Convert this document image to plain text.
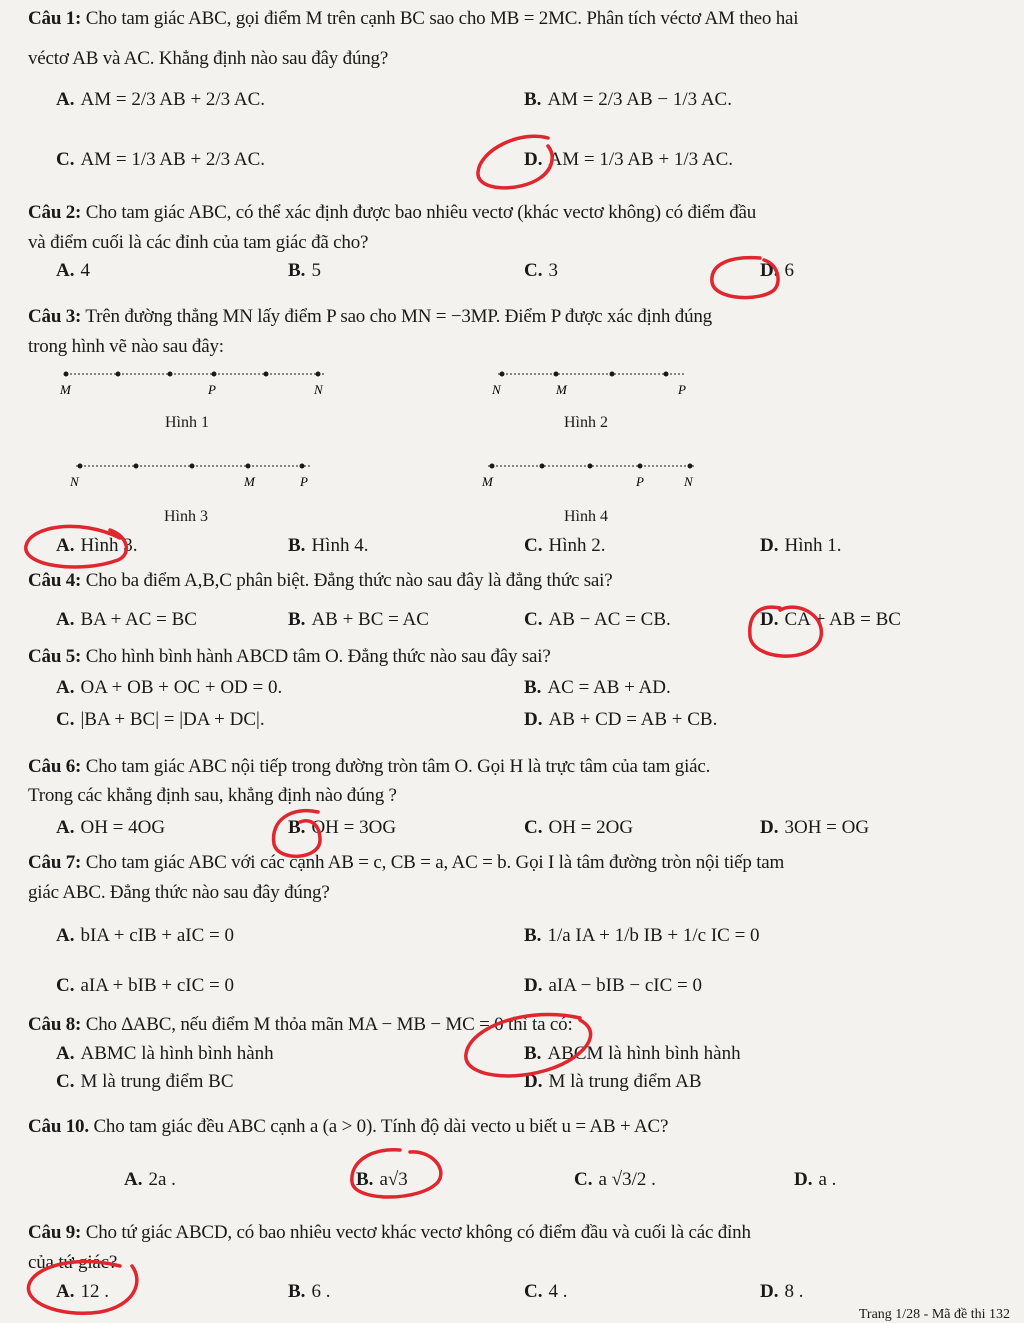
Câu 1: Cho tam giác ABC, gọi điểm M trên cạnh BC sao cho MB = 2MC. Phân tích véctơ AM theo hai
véctơ AB và AC. Khẳng định nào sau đây đúng?
A. AM = 2/3 AB + 2/3 AC.	B. AM = 2/3 AB − 1/3 AC.
C. AM = 1/3 AB + 2/3 AC.	D. AM = 1/3 AB + 1/3 AC.
Câu 2: Cho tam giác ABC, có thể xác định được bao nhiêu vectơ (khác vectơ không) có điểm đầu
và điểm cuối là các đỉnh của tam giác đã cho?
A. 4	B. 5	C. 3	D. 6
Câu 3: Trên đường thẳng MN lấy điểm P sao cho MN = −3MP. Điểm P được xác định đúng
trong hình vẽ nào sau đây:
M	P	N
Hình 1
N	M	P
Hình 2
N	M	P
Hình 3
M	P	N
Hình 4
A. Hình 3.	B. Hình 4.	C. Hình 2.	D. Hình 1.
Câu 4: Cho ba điểm A,B,C phân biệt. Đẳng thức nào sau đây là đẳng thức sai?
A. BA + AC = BC	B. AB + BC = AC	C. AB − AC = CB.	D. CA + AB = BC
Câu 5: Cho hình bình hành ABCD tâm O. Đẳng thức nào sau đây sai?
A. OA + OB + OC + OD = 0.	B. AC = AB + AD.
C. |BA + BC| = |DA + DC|.	D. AB + CD = AB + CB.
Câu 6: Cho tam giác ABC nội tiếp trong đường tròn tâm O. Gọi H là trực tâm của tam giác.
Trong các khẳng định sau, khẳng định nào đúng ?
A. OH = 4OG	B. OH = 3OG	C. OH = 2OG	D. 3OH = OG
Câu 7: Cho tam giác ABC với các cạnh AB = c, CB = a, AC = b. Gọi I là tâm đường tròn nội tiếp tam
giác ABC. Đẳng thức nào sau đây đúng?
A. bIA + cIB + aIC = 0	B. 1/a IA + 1/b IB + 1/c IC = 0
C. aIA + bIB + cIC = 0	D. aIA − bIB − cIC = 0
Câu 8: Cho ∆ABC, nếu điểm M thỏa mãn MA − MB − MC = 0 thì ta có:
A. ABMC là hình bình hành	B. ABCM là hình bình hành
C. M là trung điểm BC	D. M là trung điểm AB
Câu 10. Cho tam giác đều ABC cạnh a (a > 0). Tính độ dài vecto u biết u = AB + AC?
A. 2a .	B. a√3	C. a √3/2 .	D. a .
Câu 9: Cho tứ giác ABCD, có bao nhiêu vectơ khác vectơ không có điểm đầu và cuối là các đỉnh
của tứ giác?
A. 12 .	B. 6 .	C. 4 .	D. 8 .
Trang 1/28 - Mã đề thi 132
